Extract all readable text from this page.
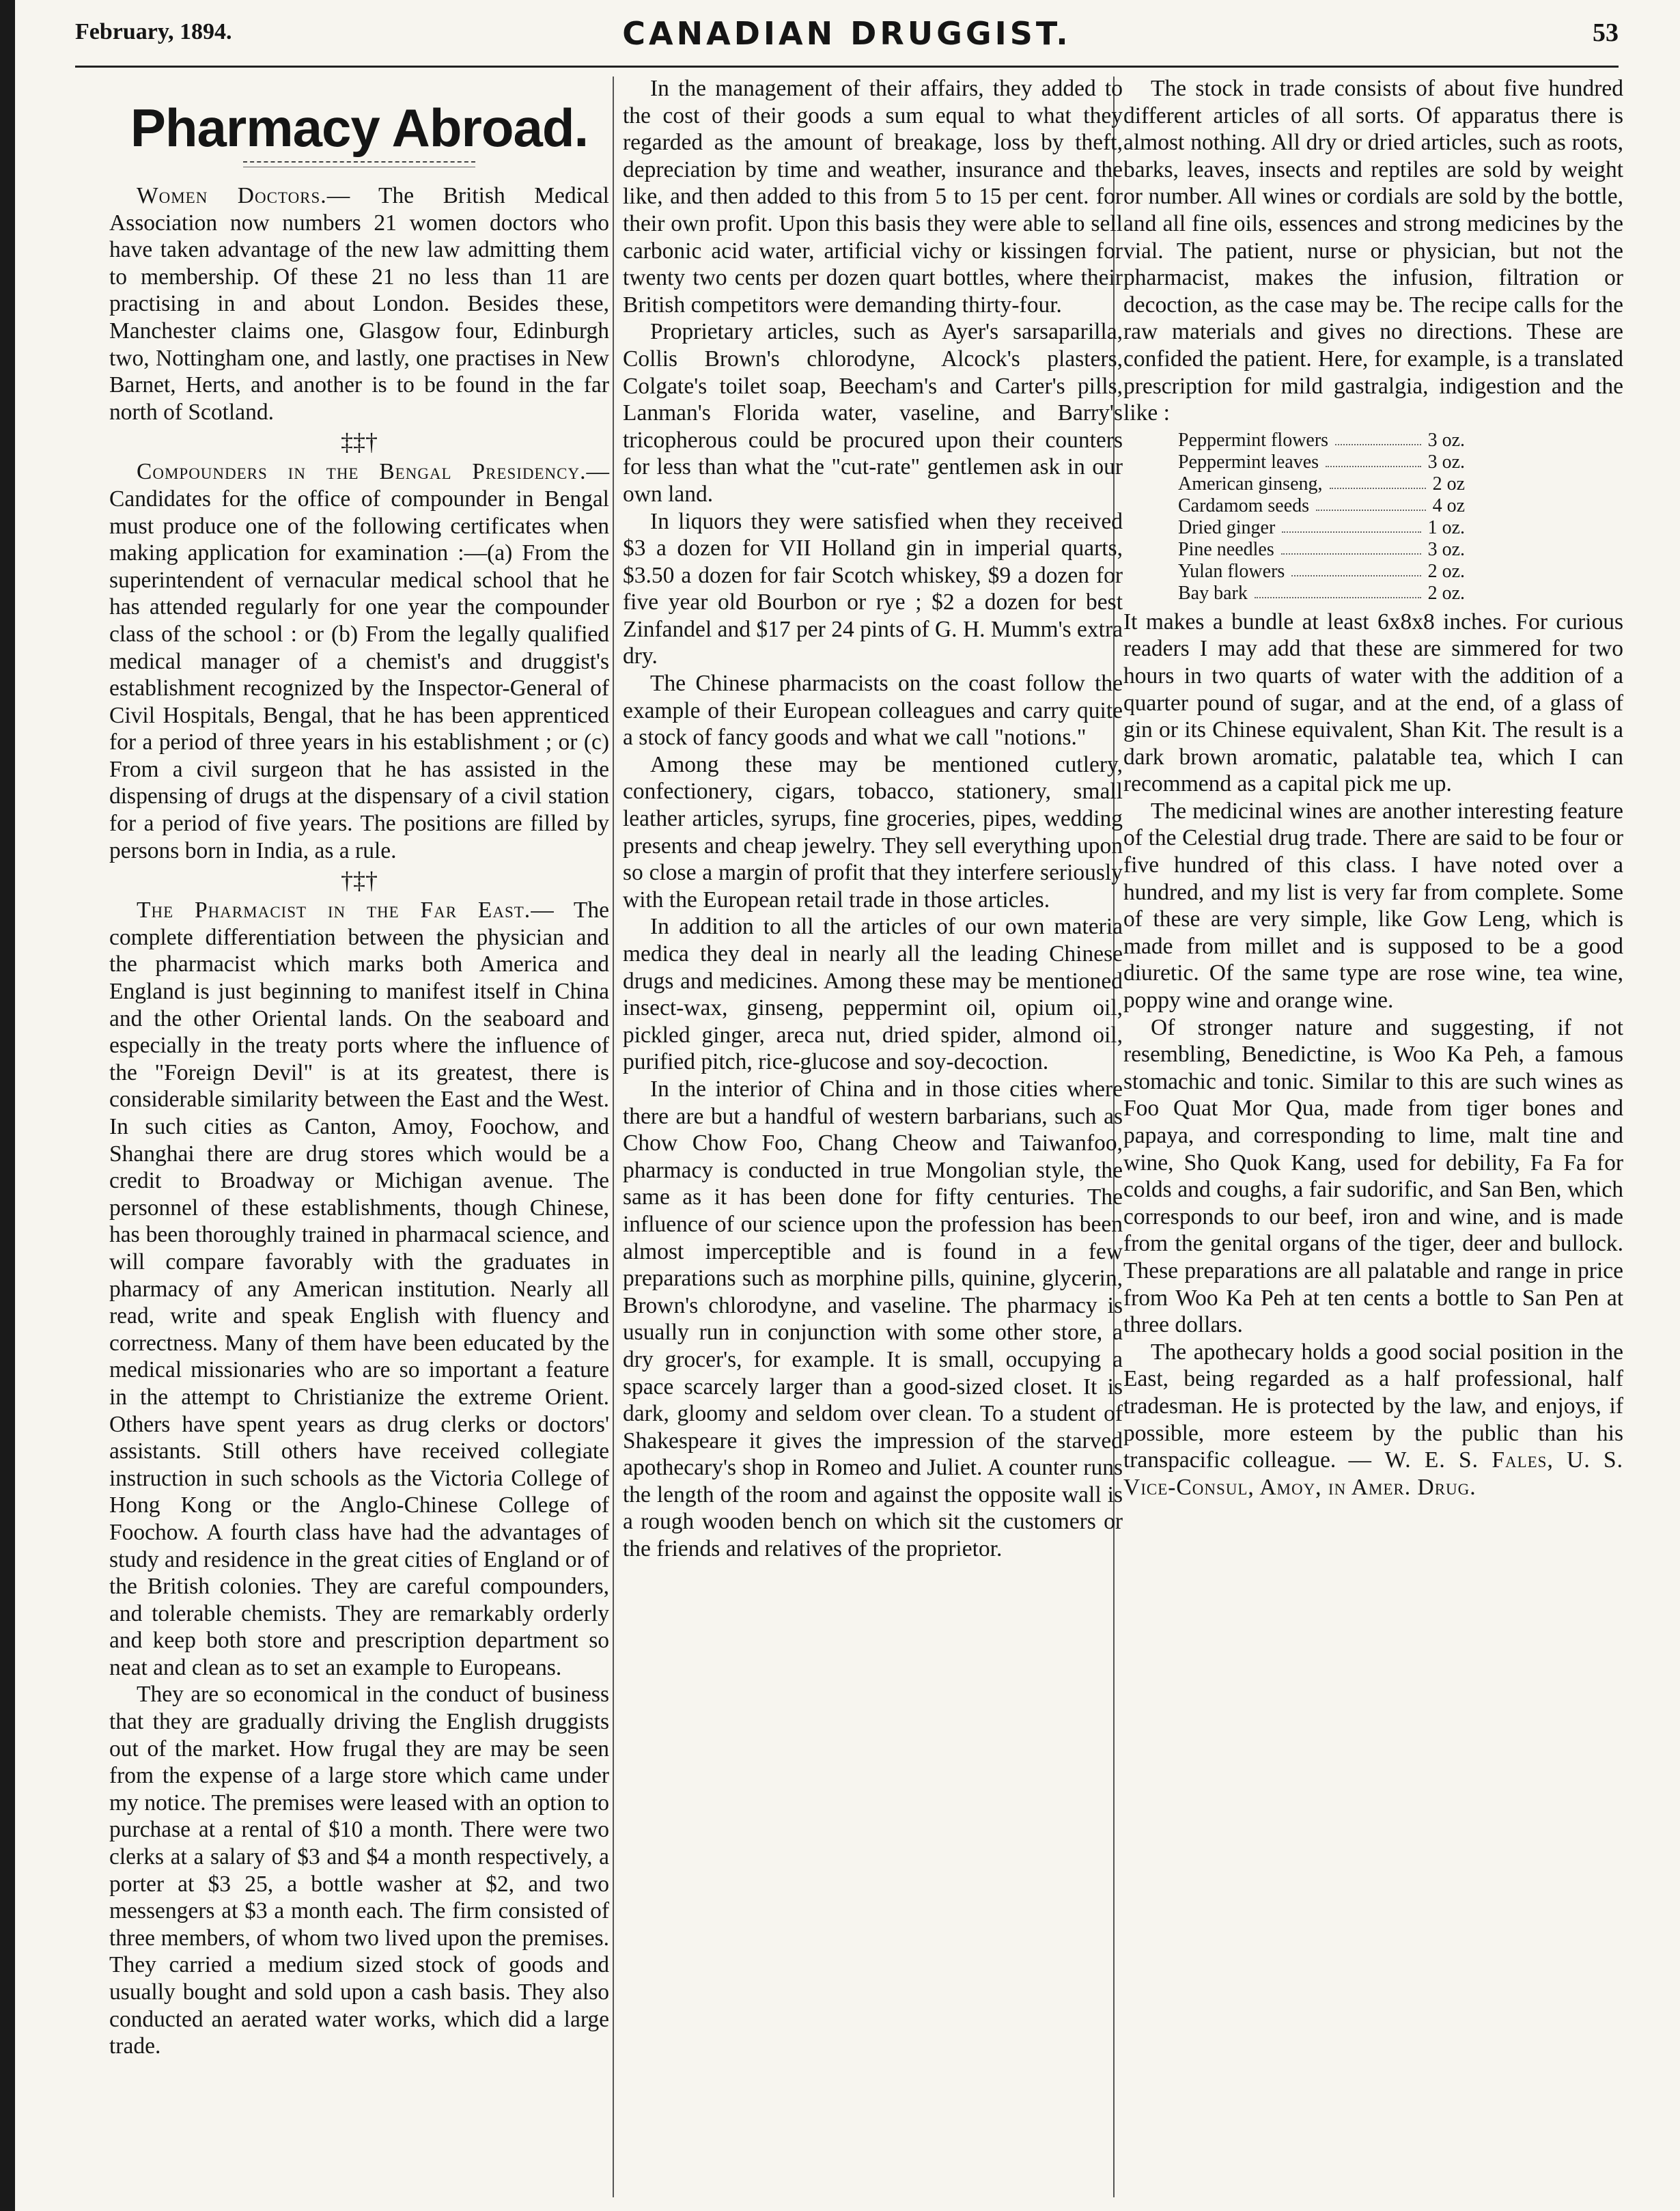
February, 1894.	CANADIAN DRUGGIST.	53
Pharmacy Abroad.

Women Doctors.— The British Medical Association now numbers 21 women doctors who have taken advantage of the new law admitting them to membership. Of these 21 no less than 11 are practising in and about London. Besides these, Manchester claims one, Glasgow four, Edinburgh two, Nottingham one, and lastly, one practises in New Barnet, Herts, and another is to be found in the far north of Scotland.

‡‡†

Compounders in the Bengal Presidency.— Candidates for the office of compounder in Bengal must produce one of the following certificates when making application for examination :—(a) From the superintendent of vernacular medical school that he has attended regularly for one year the compounder class of the school : or (b) From the legally qualified medical manager of a chemist's and druggist's establishment recognized by the Inspector-General of Civil Hospitals, Bengal, that he has been apprenticed for a period of three years in his establishment ; or (c) From a civil surgeon that he has assisted in the dispensing of drugs at the dispensary of a civil station for a period of five years. The positions are filled by persons born in India, as a rule.

†‡†

The Pharmacist in the Far East.— The complete differentiation between the physician and the pharmacist which marks both America and England is just beginning to manifest itself in China and the other Oriental lands. On the seaboard and especially in the treaty ports where the influence of the "Foreign Devil" is at its greatest, there is considerable similarity between the East and the West. In such cities as Canton, Amoy, Foochow, and Shanghai there are drug stores which would be a credit to Broadway or Michigan avenue. The personnel of these establishments, though Chinese, has been thoroughly trained in pharmacal science, and will compare favorably with the graduates in pharmacy of any American institution. Nearly all read, write and speak English with fluency and correctness. Many of them have been educated by the medical missionaries who are so important a feature in the attempt to Christianize the extreme Orient. Others have spent years as drug clerks or doctors' assistants. Still others have received collegiate instruction in such schools as the Victoria College of Hong Kong or the Anglo-Chinese College of Foochow. A fourth class have had the advantages of study and residence in the great cities of England or of the British colonies. They are careful compounders, and tolerable chemists. They are remarkably orderly and keep both store and prescription department so neat and clean as to set an example to Europeans.

They are so economical in the conduct of business that they are gradually driving the English druggists out of the market. How frugal they are may be seen from the expense of a large store which came under my notice. The premises were leased with an option to purchase at a rental of $10 a month. There were two clerks at a salary of $3 and $4 a month respectively, a porter at $3 25, a bottle washer at $2, and two messengers at $3 a month each. The firm consisted of three members, of whom two lived upon the premises. They carried a medium sized stock of goods and usually bought and sold upon a cash basis. They also conducted an aerated water works, which did a large trade.

In the management of their affairs, they added to the cost of their goods a sum equal to what they regarded as the amount of breakage, loss by theft, depreciation by time and weather, insurance and the like, and then added to this from 5 to 15 per cent. for their own profit. Upon this basis they were able to sell carbonic acid water, artificial vichy or kissingen for twenty two cents per dozen quart bottles, where their British competitors were demanding thirty-four.

Proprietary articles, such as Ayer's sarsaparilla, Collis Brown's chlorodyne, Alcock's plasters, Colgate's toilet soap, Beecham's and Carter's pills, Lanman's Florida water, vaseline, and Barry's tricopherous could be procured upon their counters for less than what the "cut-rate" gentlemen ask in our own land.

In liquors they were satisfied when they received $3 a dozen for VII Holland gin in imperial quarts, $3.50 a dozen for fair Scotch whiskey, $9 a dozen for five year old Bourbon or rye ; $2 a dozen for best Zinfandel and $17 per 24 pints of G. H. Mumm's extra dry.

The Chinese pharmacists on the coast follow the example of their European colleagues and carry quite a stock of fancy goods and what we call "notions."

Among these may be mentioned cutlery, confectionery, cigars, tobacco, stationery, small leather articles, syrups, fine groceries, pipes, wedding presents and cheap jewelry. They sell everything upon so close a margin of profit that they interfere seriously with the European retail trade in those articles.

In addition to all the articles of our own materia medica they deal in nearly all the leading Chinese drugs and medicines. Among these may be mentioned insect-wax, ginseng, peppermint oil, opium oil, pickled ginger, areca nut, dried spider, almond oil, purified pitch, rice-glucose and soy-decoction.

In the interior of China and in those cities where there are but a handful of western barbarians, such as Chow Chow Foo, Chang Cheow and Taiwanfoo, pharmacy is conducted in true Mongolian style, the same as it has been done for fifty centuries. The influence of our science upon the profession has been almost imperceptible and is found in a few preparations such as morphine pills, quinine, glycerin, Brown's chlorodyne, and vaseline. The pharmacy is usually run in conjunction with some other store, a dry grocer's, for example. It is small, occupying a space scarcely larger than a good-sized closet. It is dark, gloomy and seldom over clean. To a student of Shakespeare it gives the impression of the starved apothecary's shop in Romeo and Juliet. A counter runs the length of the room and against the opposite wall is a rough wooden bench on which sit the customers or the friends and relatives of the proprietor.

The stock in trade consists of about five hundred different articles of all sorts. Of apparatus there is almost nothing. All dry or dried articles, such as roots, barks, leaves, insects and reptiles are sold by weight or number. All wines or cordials are sold by the bottle, and all fine oils, essences and strong medicines by the vial. The patient, nurse or physician, but not the pharmacist, makes the infusion, filtration or decoction, as the case may be. The recipe calls for the raw materials and gives no directions. These are confided the patient. Here, for example, is a translated prescription for mild gastralgia, indigestion and the like :

Peppermint flowers	3 oz.
Peppermint leaves	3 oz.
American ginseng,	2 oz
Cardamom seeds	4 oz
Dried ginger	1 oz.
Pine needles	3 oz.
Yulan flowers	2 oz.
Bay bark	2 oz.

It makes a bundle at least 6x8x8 inches. For curious readers I may add that these are simmered for two hours in two quarts of water with the addition of a quarter pound of sugar, and at the end, of a glass of gin or its Chinese equivalent, Shan Kit. The result is a dark brown aromatic, palatable tea, which I can recommend as a capital pick me up.

The medicinal wines are another interesting feature of the Celestial drug trade. There are said to be four or five hundred of this class. I have noted over a hundred, and my list is very far from complete. Some of these are very simple, like Gow Leng, which is made from millet and is supposed to be a good diuretic. Of the same type are rose wine, tea wine, poppy wine and orange wine.

Of stronger nature and suggesting, if not resembling, Benedictine, is Woo Ka Peh, a famous stomachic and tonic. Similar to this are such wines as Foo Quat Mor Qua, made from tiger bones and papaya, and corresponding to lime, malt tine and wine, Sho Quok Kang, used for debility, Fa Fa for colds and coughs, a fair sudorific, and San Ben, which corresponds to our beef, iron and wine, and is made from the genital organs of the tiger, deer and bullock. These preparations are all palatable and range in price from Woo Ka Peh at ten cents a bottle to San Pen at three dollars.

The apothecary holds a good social position in the East, being regarded as a half professional, half tradesman. He is protected by the law, and enjoys, if possible, more esteem by the public than his transpacific colleague. — W. E. S. Fales, U. S. Vice-Consul, Amoy, in Amer. Drug.
